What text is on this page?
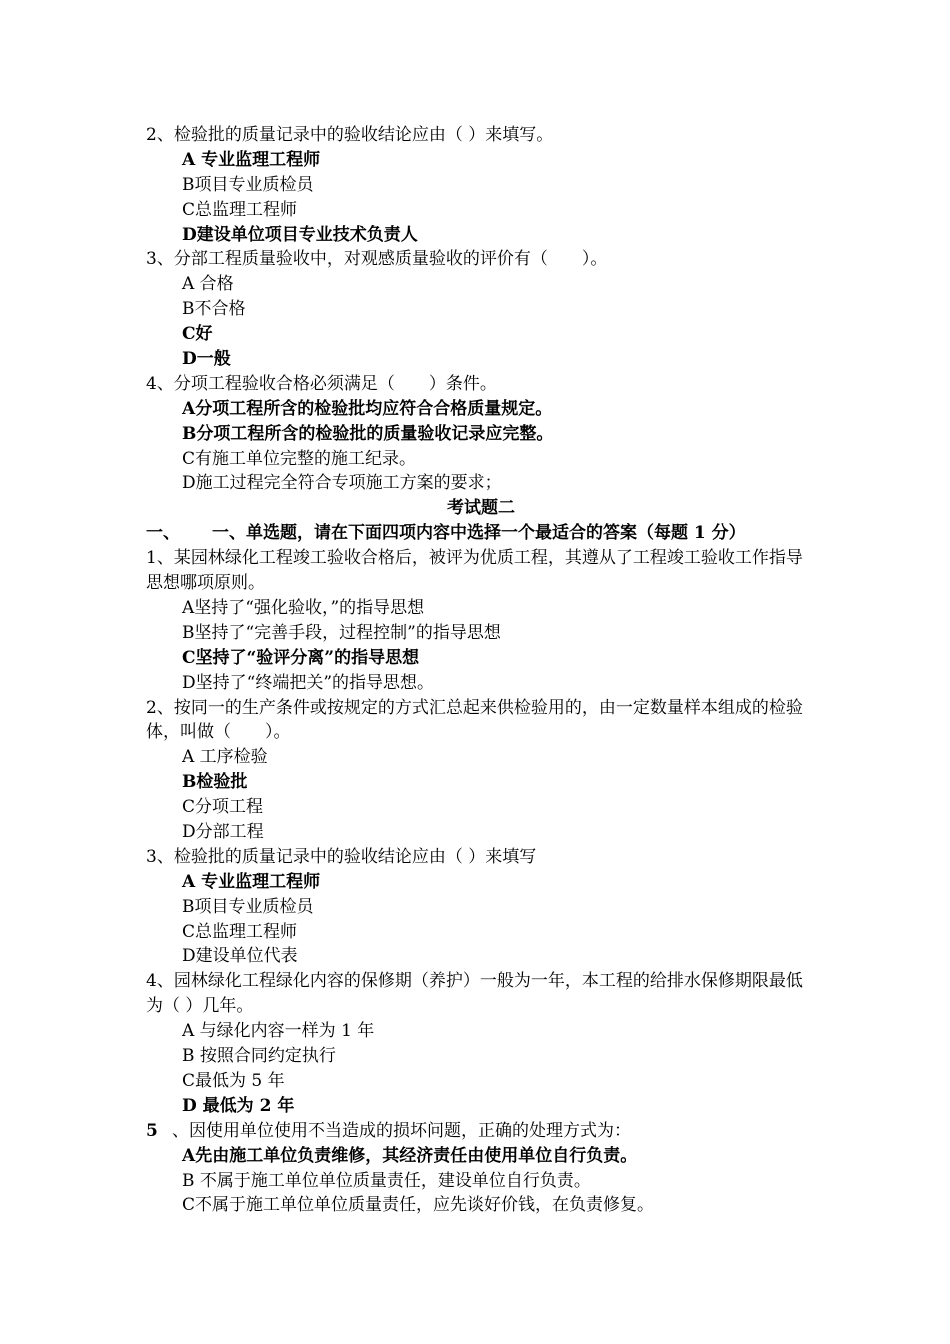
2、检验批的质量记录中的验收结论应由（ ）来填写。
A 专业监理工程师
B项目专业质检员
C总监理工程师
D建设单位项目专业技术负责人
3、分部工程质量验收中，对观感质量验收的评价有（　　）。
A 合格
B不合格
C好
D一般
4、分项工程验收合格必须满足（　　）条件。
A分项工程所含的检验批均应符合合格质量规定。
B分项工程所含的检验批的质量验收记录应完整。
C有施工单位完整的施工纪录。
D施工过程完全符合专项施工方案的要求；
考试题二
一、 一、单选题，请在下面四项内容中选择一个最适合的答案（每题 1 分）
1、某园林绿化工程竣工验收合格后，被评为优质工程，其遵从了工程竣工验收工作指导思想哪项原则。
A坚持了“强化验收，”的指导思想
B坚持了“完善手段，过程控制”的指导思想
C坚持了“验评分离”的指导思想
D坚持了“终端把关”的指导思想。
2、按同一的生产条件或按规定的方式汇总起来供检验用的，由一定数量样本组成的检验体，叫做（　　）。
A 工序检验
B检验批
C分项工程
D分部工程
3、检验批的质量记录中的验收结论应由（ ）来填写
A 专业监理工程师
B项目专业质检员
C总监理工程师
D建设单位代表
4、园林绿化工程绿化内容的保修期（养护）一般为一年，本工程的给排水保修期限最低为（ ）几年。
A 与绿化内容一样为 1 年
B 按照合同约定执行
C最低为 5 年
D 最低为 2 年
5 、因使用单位使用不当造成的损坏问题，正确的处理方式为：
A先由施工单位负责维修，其经济责任由使用单位自行负责。
B 不属于施工单位单位质量责任，建设单位自行负责。
C不属于施工单位单位质量责任，应先谈好价钱，在负责修复。
